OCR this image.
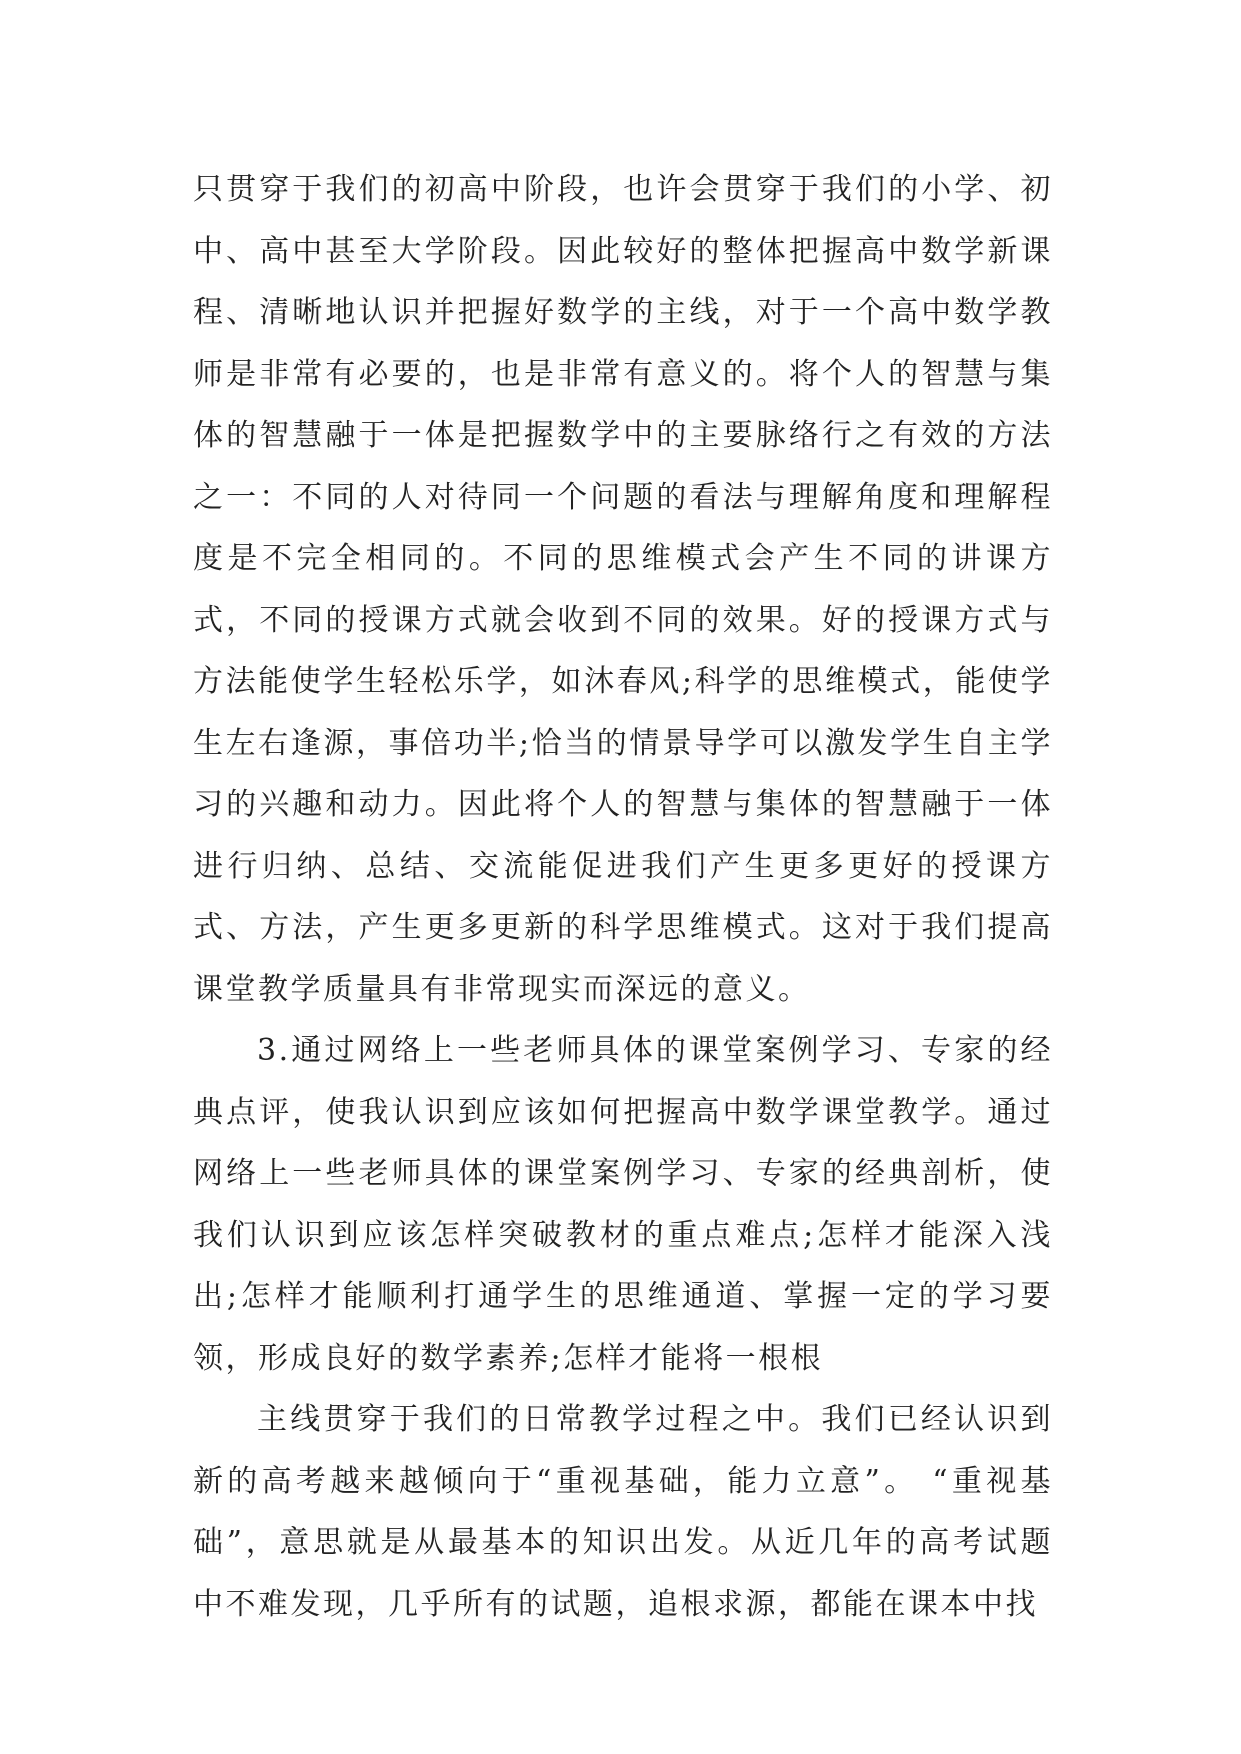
只贯穿于我们的初高中阶段，也许会贯穿于我们的小学、初中、高中甚至大学阶段。因此较好的整体把握高中数学新课程、清晰地认识并把握好数学的主线，对于一个高中数学教师是非常有必要的，也是非常有意义的。将个人的智慧与集体的智慧融于一体是把握数学中的主要脉络行之有效的方法之一：不同的人对待同一个问题的看法与理解角度和理解程度是不完全相同的。不同的思维模式会产生不同的讲课方式，不同的授课方式就会收到不同的效果。好的授课方式与方法能使学生轻松乐学，如沐春风;科学的思维模式，能使学生左右逢源，事倍功半;恰当的情景导学可以激发学生自主学习的兴趣和动力。因此将个人的智慧与集体的智慧融于一体进行归纳、总结、交流能促进我们产生更多更好的授课方式、方法，产生更多更新的科学思维模式。这对于我们提高课堂教学质量具有非常现实而深远的意义。

3.通过网络上一些老师具体的课堂案例学习、专家的经典点评，使我认识到应该如何把握高中数学课堂教学。通过网络上一些老师具体的课堂案例学习、专家的经典剖析，使我们认识到应该怎样突破教材的重点难点;怎样才能深入浅出;怎样才能顺利打通学生的思维通道、掌握一定的学习要领，形成良好的数学素养;怎样才能将一根根

主线贯穿于我们的日常教学过程之中。我们已经认识到新的高考越来越倾向于“重视基础，能力立意”。 “重视基础”，意思就是从最基本的知识出发。从近几年的高考试题中不难发现，几乎所有的试题，追根求源，都能在课本中找
